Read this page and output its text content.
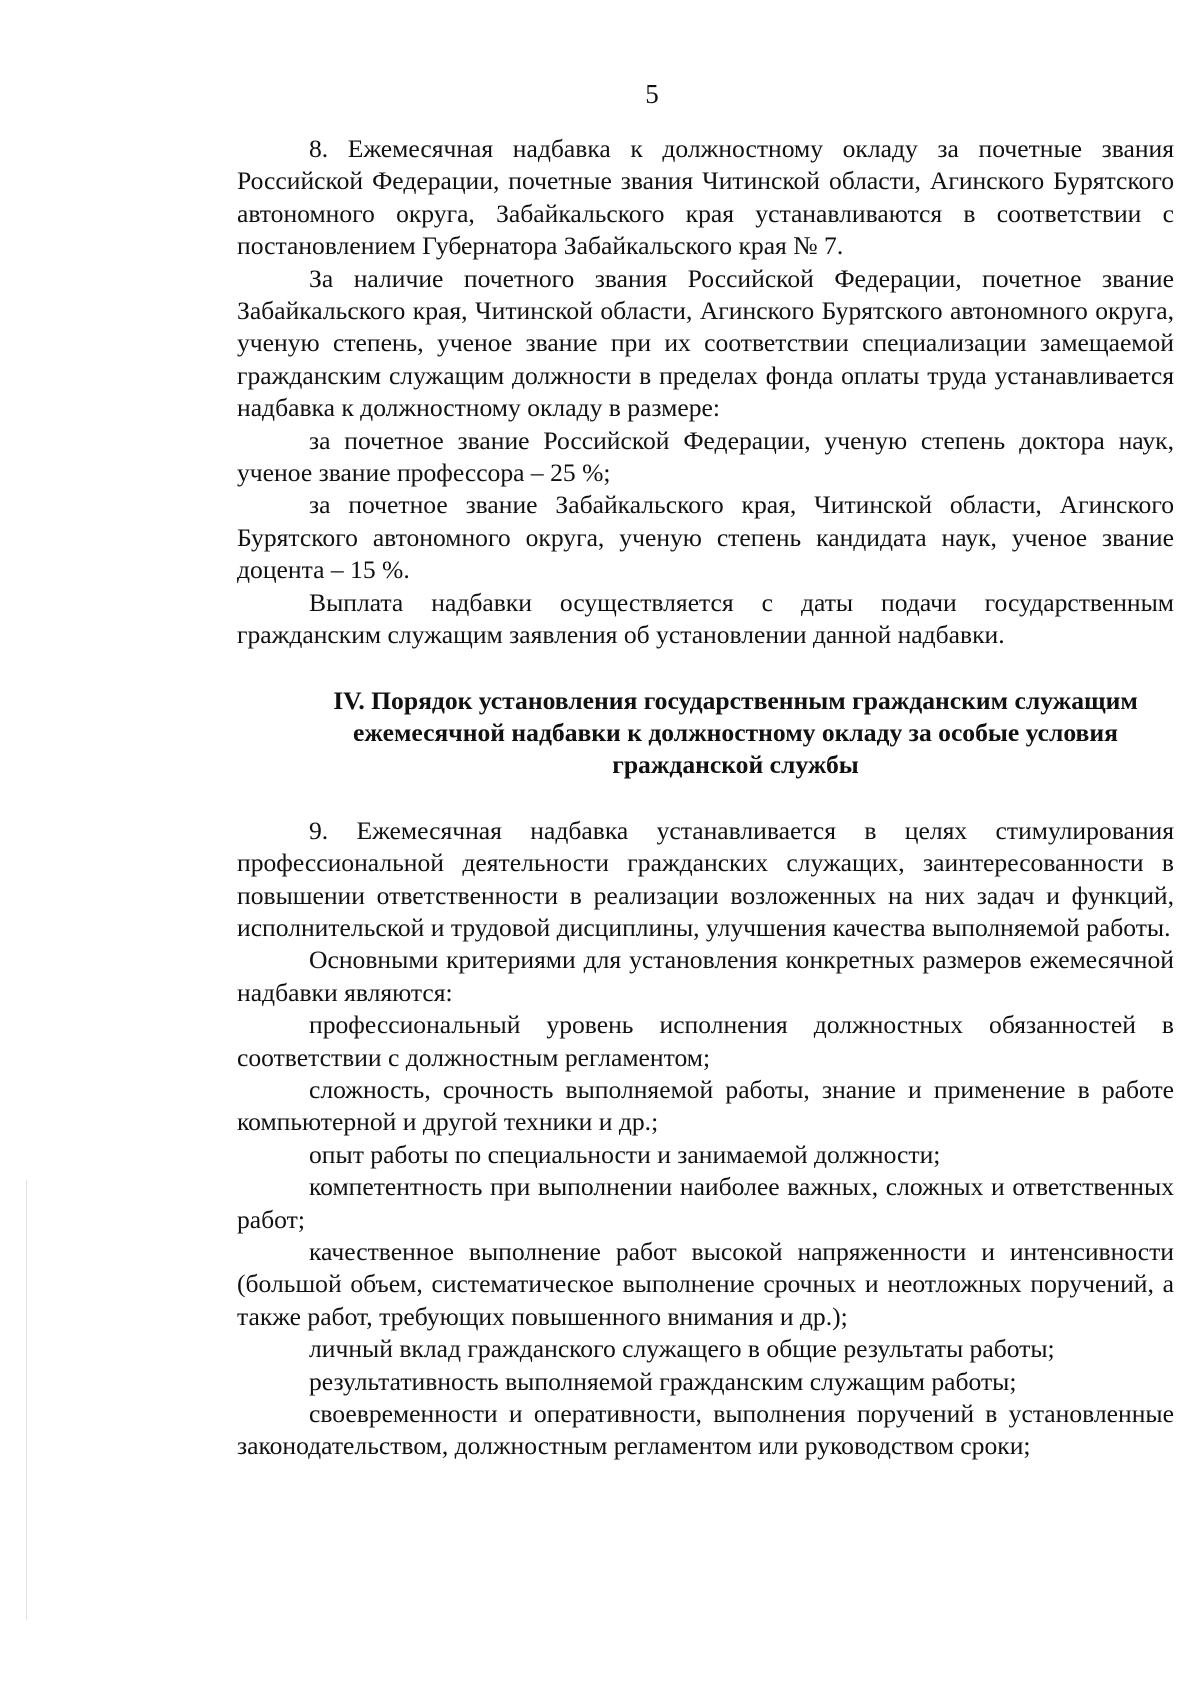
5

8. Ежемесячная надбавка к должностному окладу за почетные звания Российской Федерации, почетные звания Читинской области, Агинского Бурятского автономного округа, Забайкальского края устанавливаются в соответствии с постановлением Губернатора Забайкальского края № 7.

За наличие почетного звания Российской Федерации, почетное звание Забайкальского края, Читинской области, Агинского Бурятского автономного округа, ученую степень, ученое звание при их соответствии специализации замещаемой гражданским служащим должности в пределах фонда оплаты труда устанавливается надбавка к должностному окладу в размере:

за почетное звание Российской Федерации, ученую степень доктора наук, ученое звание профессора – 25 %;

за почетное звание Забайкальского края, Читинской области, Агинского Бурятского автономного округа, ученую степень кандидата наук, ученое звание доцента – 15 %.

Выплата надбавки осуществляется с даты подачи государственным гражданским служащим заявления об установлении данной надбавки.

IV. Порядок установления государственным гражданским служащим ежемесячной надбавки к должностному окладу за особые условия гражданской службы

9. Ежемесячная надбавка устанавливается в целях стимулирования профессиональной деятельности гражданских служащих, заинтересованности в повышении ответственности в реализации возложенных на них задач и функций, исполнительской и трудовой дисциплины, улучшения качества выполняемой работы.

Основными критериями для установления конкретных размеров ежемесячной надбавки являются:

профессиональный уровень исполнения должностных обязанностей в соответствии с должностным регламентом;

сложность, срочность выполняемой работы, знание и применение в работе компьютерной и другой техники и др.;

опыт работы по специальности и занимаемой должности;

компетентность при выполнении наиболее важных, сложных и ответственных работ;

качественное выполнение работ высокой напряженности и интенсивности (большой объем, систематическое выполнение срочных и неотложных поручений, а также работ, требующих повышенного внимания и др.);

личный вклад гражданского служащего в общие результаты работы;

результативность выполняемой гражданским служащим работы;

своевременности и оперативности, выполнения поручений в установленные законодательством, должностным регламентом или руководством сроки;
